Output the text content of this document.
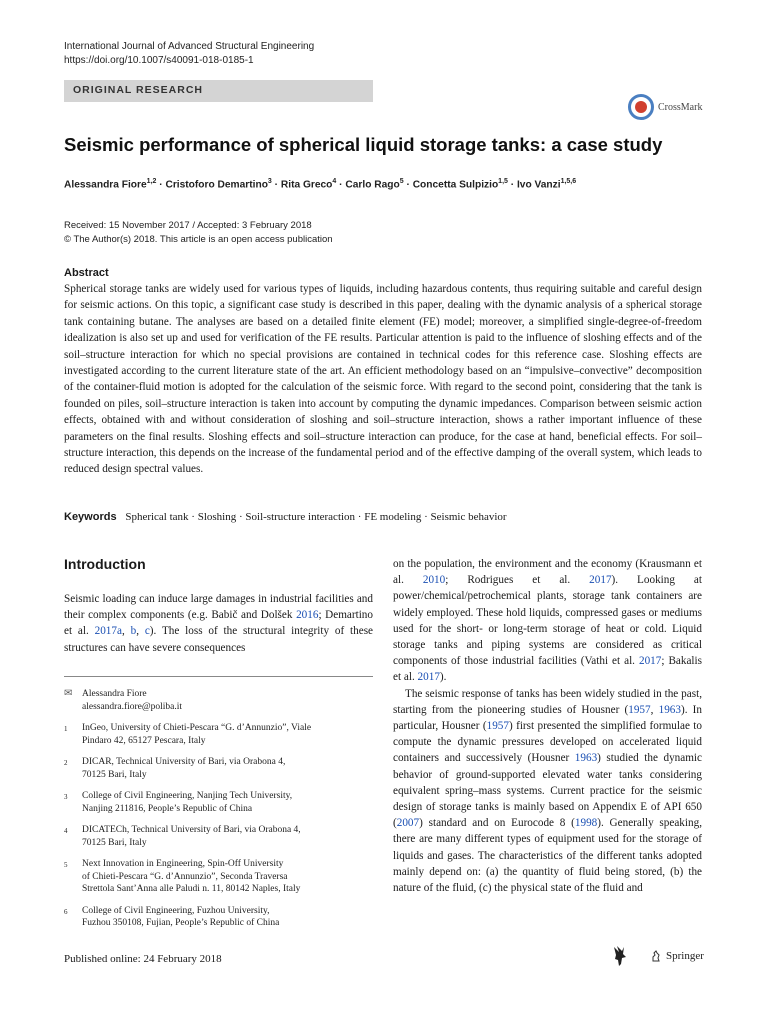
International Journal of Advanced Structural Engineering
https://doi.org/10.1007/s40091-018-0185-1
ORIGINAL RESEARCH
CrossMark
Seismic performance of spherical liquid storage tanks: a case study
Alessandra Fiore$^{1,2}$ · Cristoforo Demartino$^3$ · Rita Greco$^4$ · Carlo Rago$^5$ · Concetta Sulpizio$^{1,5}$ · Ivo Vanzi$^{1,5,6}$
Received: 15 November 2017 / Accepted: 3 February 2018
© The Author(s) 2018. This article is an open access publication
Abstract

Spherical storage tanks are widely used for various types of liquids, including hazardous contents, thus requiring suitable and careful design for seismic actions. On this topic, a significant case study is described in this paper, dealing with the dynamic analysis of a spherical storage tank containing butane. The analyses are based on a detailed finite element (FE) model; moreover, a simplified single-degree-of-freedom idealization is also set up and used for verification of the FE results. Particular attention is paid to the influence of sloshing effects and of the soil–structure interaction for which no special provisions are contained in technical codes for this reference case. Sloshing effects are investigated according to the current literature state of the art. An efficient methodology based on an “impulsive–convective” decomposition of the container-fluid motion is adopted for the calculation of the seismic force. With regard to the second point, considering that the tank is founded on piles, soil–structure interaction is taken into account by computing the dynamic impedances. Comparison between seismic action effects, obtained with and without consideration of sloshing and soil–structure interaction, shows a rather important influence of these parameters on the final results. Sloshing effects and soil–structure interaction can produce, for the case at hand, beneficial effects. For soil–structure interaction, this depends on the increase of the fundamental period and of the effective damping of the overall system, which leads to reduced design spectral values.

Keywords Spherical tank · Sloshing · Soil-structure interaction · FE modeling · Seismic behavior
Introduction

Seismic loading can induce large damages in industrial facilities and their complex components (e.g. Babič and Dolšek 2016; Demartino et al. 2017a, b, c). The loss of the structural integrity of these structures can have severe consequences

on the population, the environment and the economy (Krausmann et al. 2010; Rodrigues et al. 2017). Looking at power/chemical/petrochemical plants, storage tank containers are widely employed. These hold liquids, compressed gases or mediums used for the short- or long-term storage of heat or cold. Liquid storage tanks and piping systems are considered as critical components of those industrial facilities (Vathi et al. 2017; Bakalis et al. 2017).

The seismic response of tanks has been widely studied in the past, starting from the pioneering studies of Housner (1957, 1963). In particular, Housner (1957) first presented the simplified formulae to compute the dynamic pressures developed on accelerated liquid containers and successively (Housner 1963) studied the dynamic behavior of ground-supported elevated water tanks considering equivalent spring–mass systems. Current practice for the seismic design of storage tanks is mainly based on Appendix E of API 650 (2007) standard and on Eurocode 8 (1998). Generally speaking, there are many different types of equipment used for the storage of liquids and gases. The characteristics of the different tanks adopted mainly depend on: (a) the quantity of fluid being stored, (b) the nature of the fluid, (c) the physical state of the fluid and

✉	Alessandra Fiore
alessandra.fiore@poliba.it
1	InGeo, University of Chieti-Pescara “G. d’Annunzio”, Viale
Pindaro 42, 65127 Pescara, Italy
2	DICAR, Technical University of Bari, via Orabona 4,
70125 Bari, Italy
3	College of Civil Engineering, Nanjing Tech University,
Nanjing 211816, People’s Republic of China
4	DICATECh, Technical University of Bari, via Orabona 4,
70125 Bari, Italy
5	Next Innovation in Engineering, Spin-Off University
of Chieti-Pescara “G. d’Annunzio”, Seconda Traversa
Strettola Sant’Anna alle Paludi n. 11, 80142 Naples, Italy
6	College of Civil Engineering, Fuzhou University,
Fuzhou 350108, Fujian, People’s Republic of China
Published online: 24 February 2018	Springer
